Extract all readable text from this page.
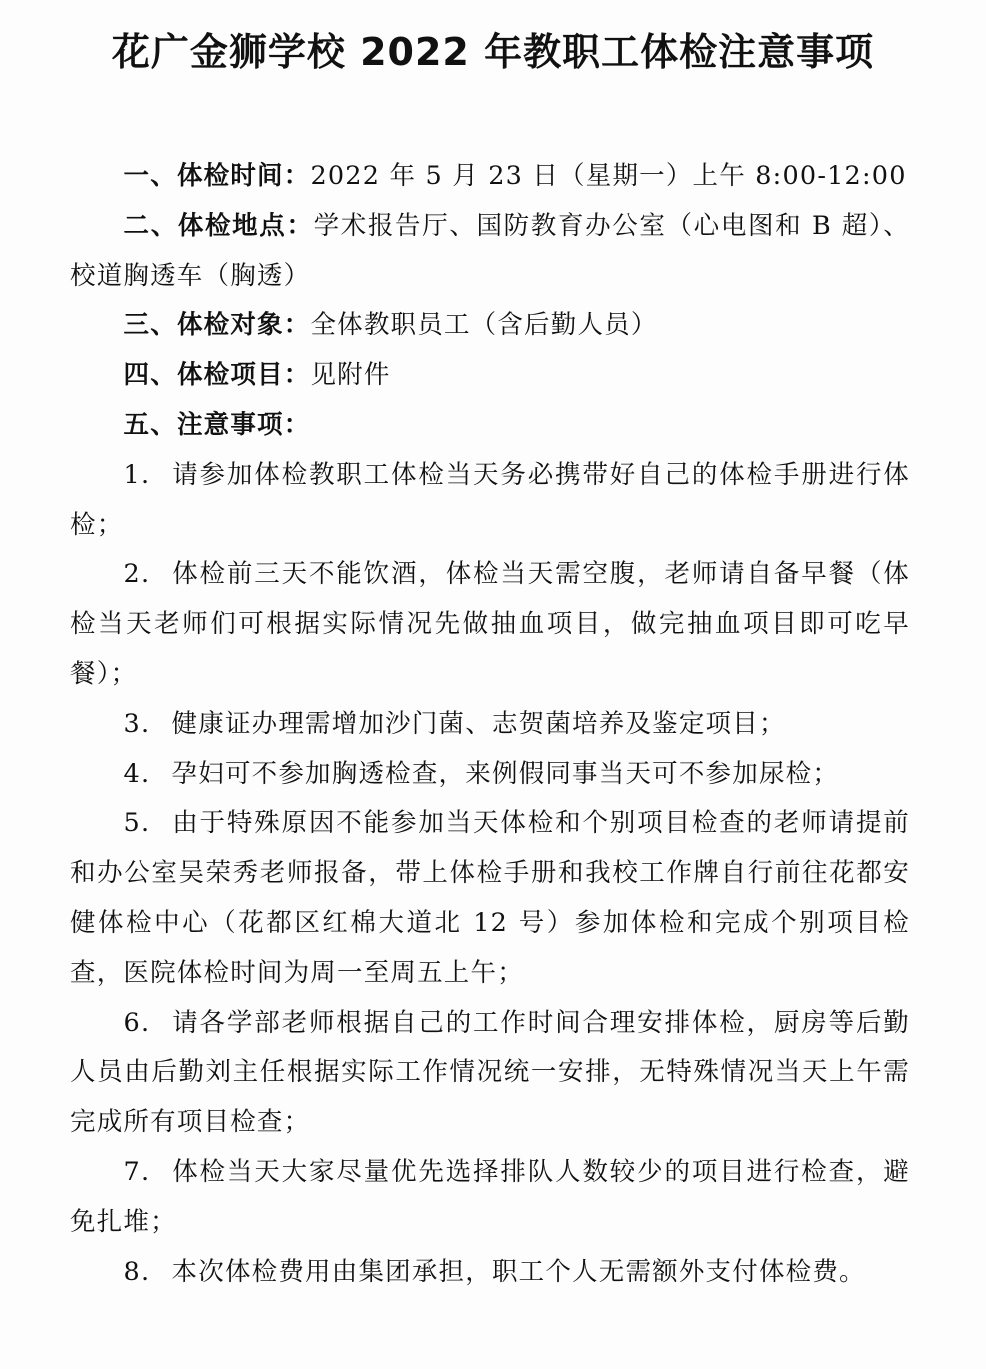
花广金狮学校 2022 年教职工体检注意事项

一、体检时间：2022 年 5 月 23 日（星期一）上午 8:00-12:00

二、体检地点：学术报告厅、国防教育办公室（心电图和 B 超）、校道胸透车（胸透）

三、体检对象：全体教职员工（含后勤人员）

四、体检项目：见附件

五、注意事项：

1. 请参加体检教职工体检当天务必携带好自己的体检手册进行体检；

2. 体检前三天不能饮酒，体检当天需空腹，老师请自备早餐（体检当天老师们可根据实际情况先做抽血项目，做完抽血项目即可吃早餐）；

3. 健康证办理需增加沙门菌、志贺菌培养及鉴定项目；

4. 孕妇可不参加胸透检查，来例假同事当天可不参加尿检；

5. 由于特殊原因不能参加当天体检和个别项目检查的老师请提前和办公室吴荣秀老师报备，带上体检手册和我校工作牌自行前往花都安健体检中心（花都区红棉大道北 12 号）参加体检和完成个别项目检查，医院体检时间为周一至周五上午；

6. 请各学部老师根据自己的工作时间合理安排体检，厨房等后勤人员由后勤刘主任根据实际工作情况统一安排，无特殊情况当天上午需完成所有项目检查；

7. 体检当天大家尽量优先选择排队人数较少的项目进行检查，避免扎堆；

8. 本次体检费用由集团承担，职工个人无需额外支付体检费。
